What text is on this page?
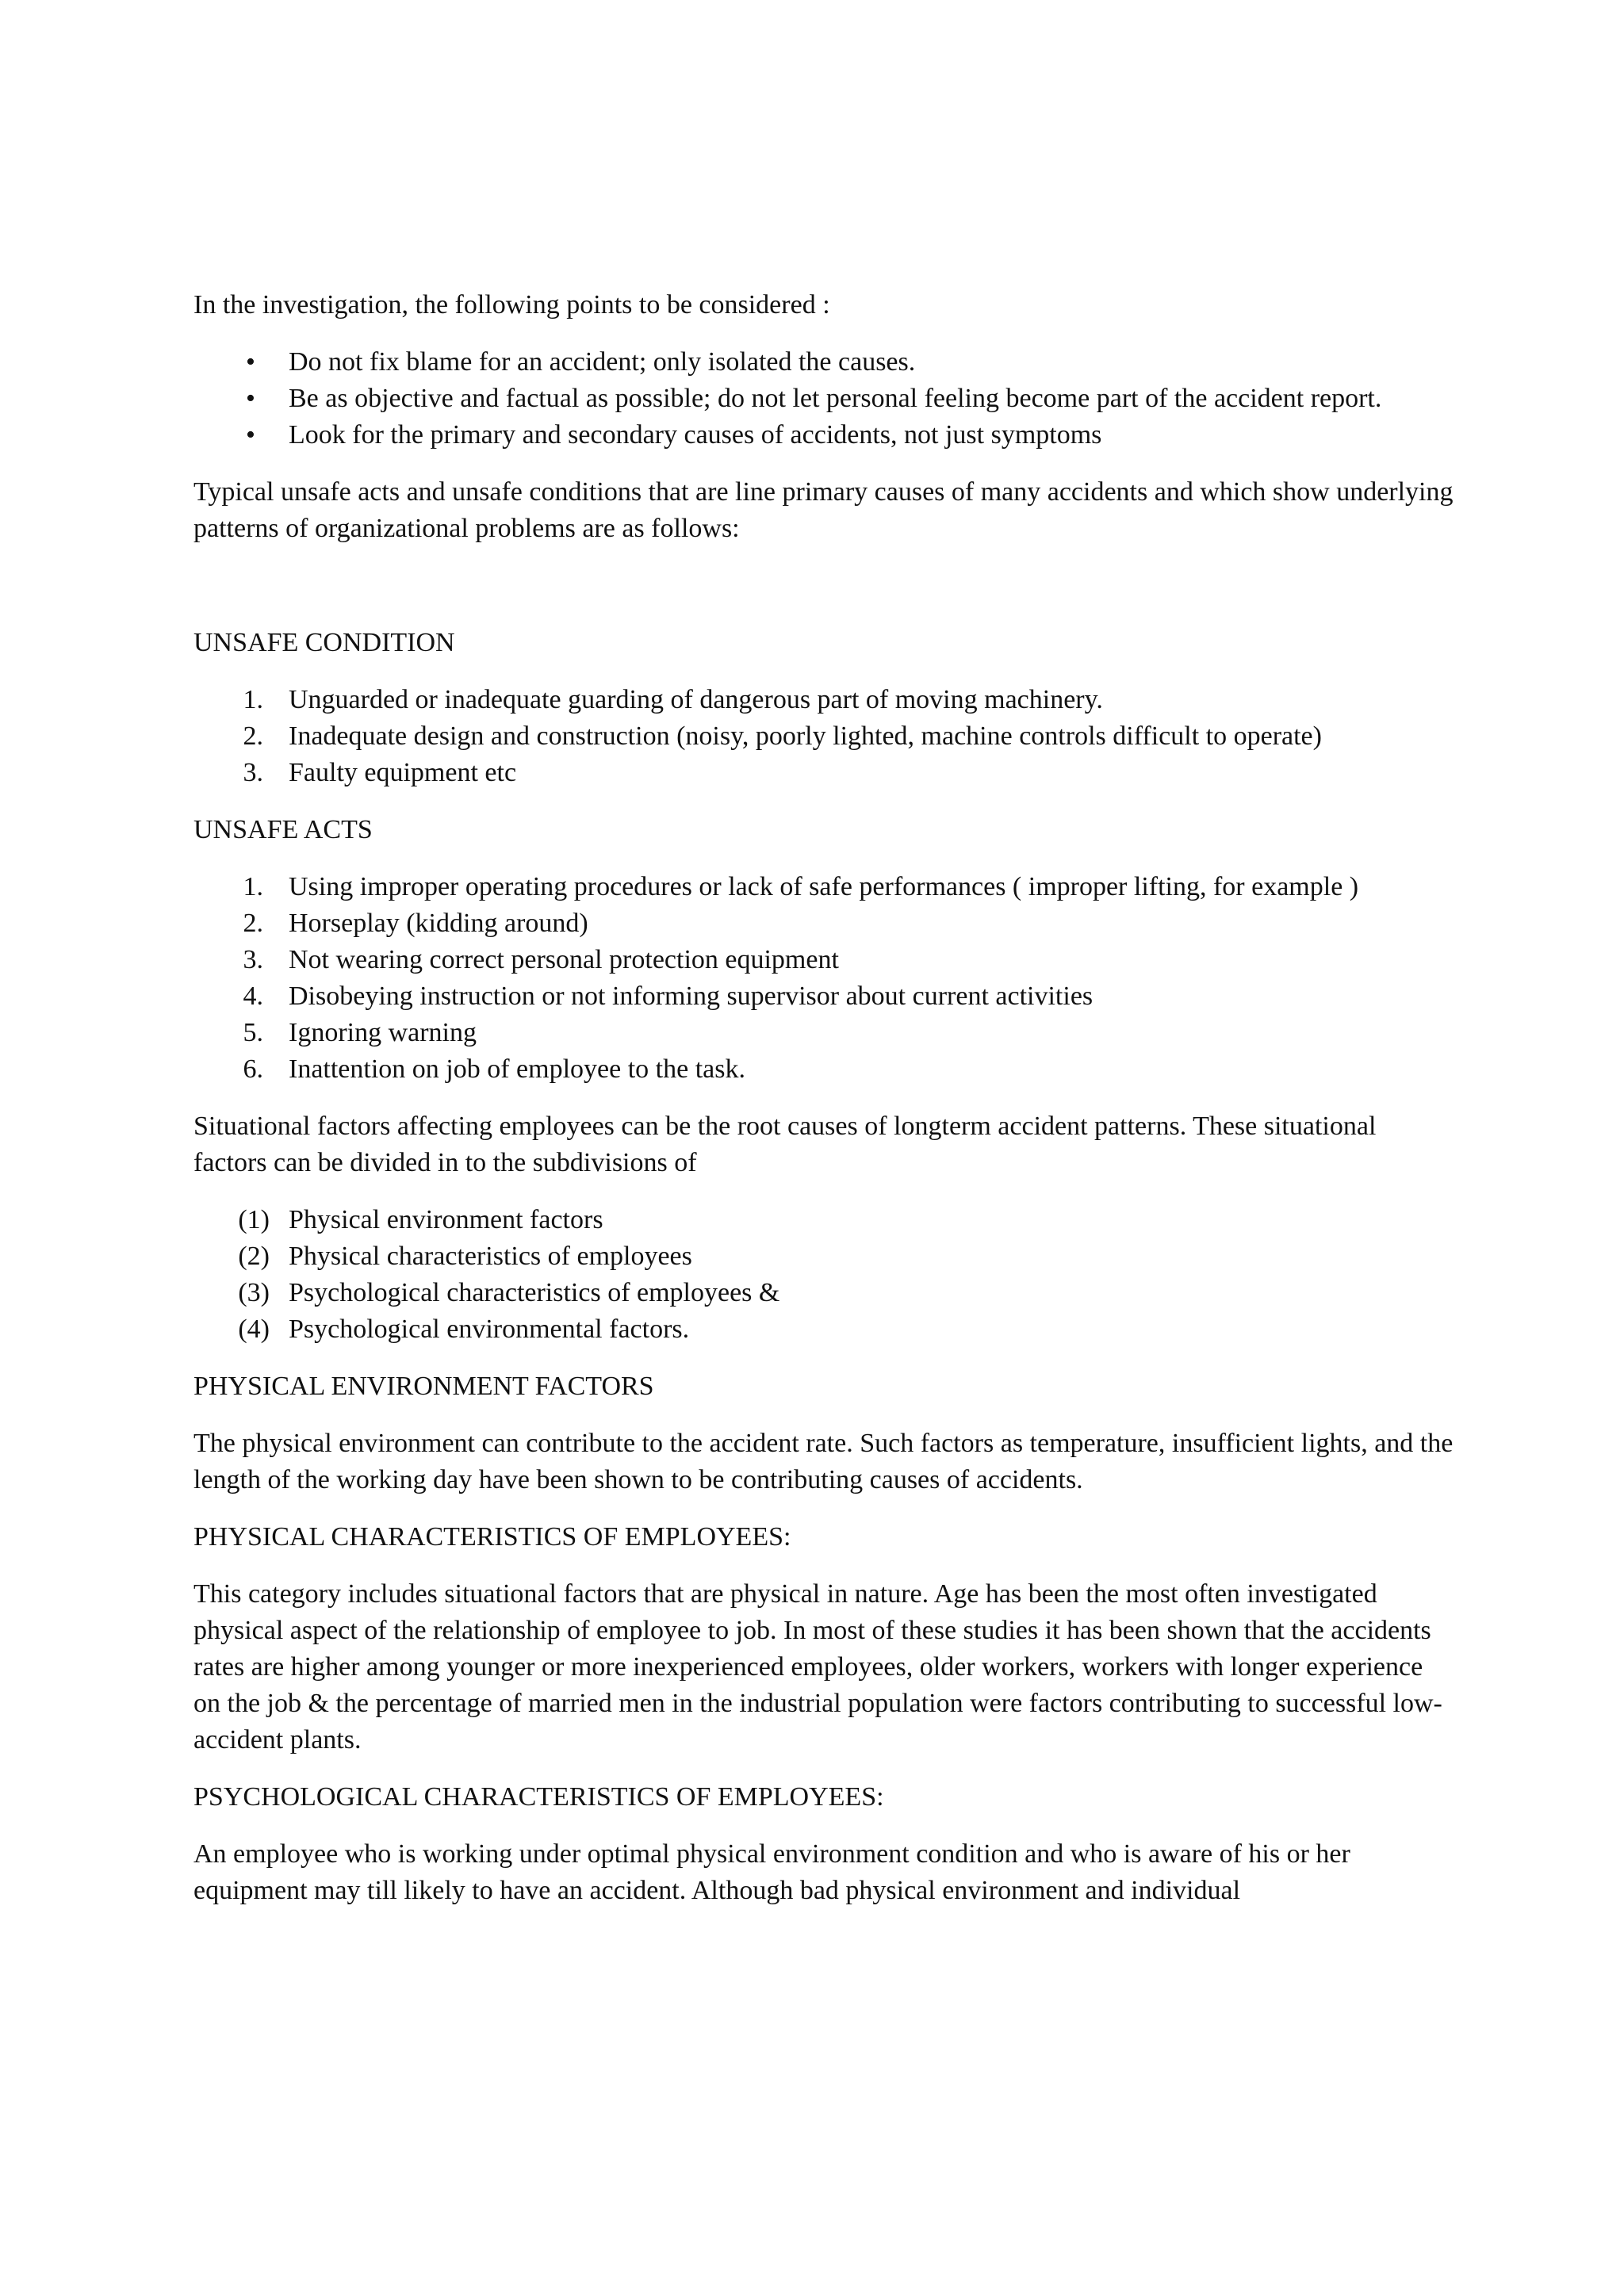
In the investigation, the following points to be considered :

• Do not fix blame for an accident; only isolated the causes.
• Be as objective and factual as possible; do not let personal feeling become part of the accident report.
• Look for the primary and secondary causes of accidents, not just symptoms

Typical unsafe acts and unsafe conditions that are line primary causes of many accidents and which show underlying patterns of organizational problems are as follows:

UNSAFE CONDITION

1. Unguarded or inadequate guarding of dangerous part of moving machinery.
2. Inadequate design and construction (noisy, poorly lighted, machine controls difficult to operate)
3. Faulty equipment etc

UNSAFE ACTS

1. Using improper operating procedures or lack of safe performances ( improper lifting, for example )
2. Horseplay (kidding around)
3. Not wearing correct personal protection equipment
4. Disobeying instruction or not informing supervisor about current activities
5. Ignoring warning
6. Inattention on job of employee to the task.

Situational factors affecting employees can be the root causes of longterm accident patterns. These situational factors can be divided in to the subdivisions of

(1) Physical environment factors
(2) Physical characteristics of employees
(3) Psychological characteristics of employees &
(4) Psychological environmental factors.

PHYSICAL ENVIRONMENT FACTORS

The physical environment can contribute to the accident rate. Such factors as temperature, insufficient lights, and the length of the working day have been shown to be contributing causes of accidents.

PHYSICAL CHARACTERISTICS OF EMPLOYEES:

This category includes situational factors that are physical in nature. Age has been the most often investigated physical aspect of the relationship of employee to job. In most of these studies it has been shown that the accidents rates are higher among younger or more inexperienced employees, older workers, workers with longer experience on the job & the percentage of married men in the industrial population were factors contributing to successful low-accident plants.

PSYCHOLOGICAL CHARACTERISTICS OF EMPLOYEES:

An employee who is working under optimal physical environment condition and who is aware of his or her equipment may till likely to have an accident. Although bad physical environment and individual
